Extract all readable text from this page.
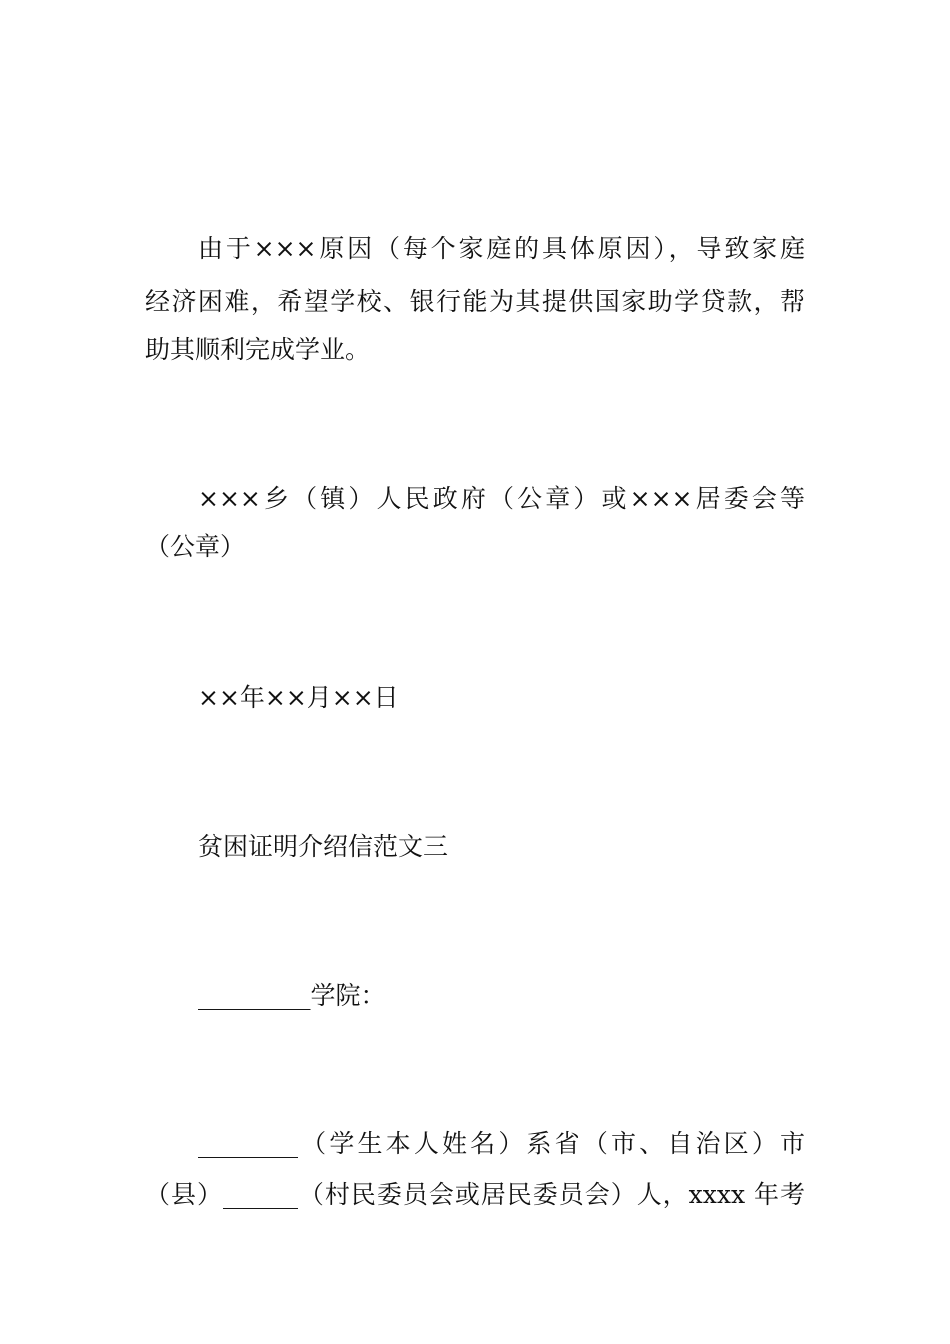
由于×××原因（每个家庭的具体原因），导致家庭
经济困难，希望学校、银行能为其提供国家助学贷款，帮
助其顺利完成学业。
×××乡（镇）人民政府（公章）或×××居委会等
（公章）
××年××月××日
贫困证明介绍信范文三
_________学院：
________（学生本人姓名）系省（市、自治区）市
（县）______（村民委员会或居民委员会）人，xxxx 年考
